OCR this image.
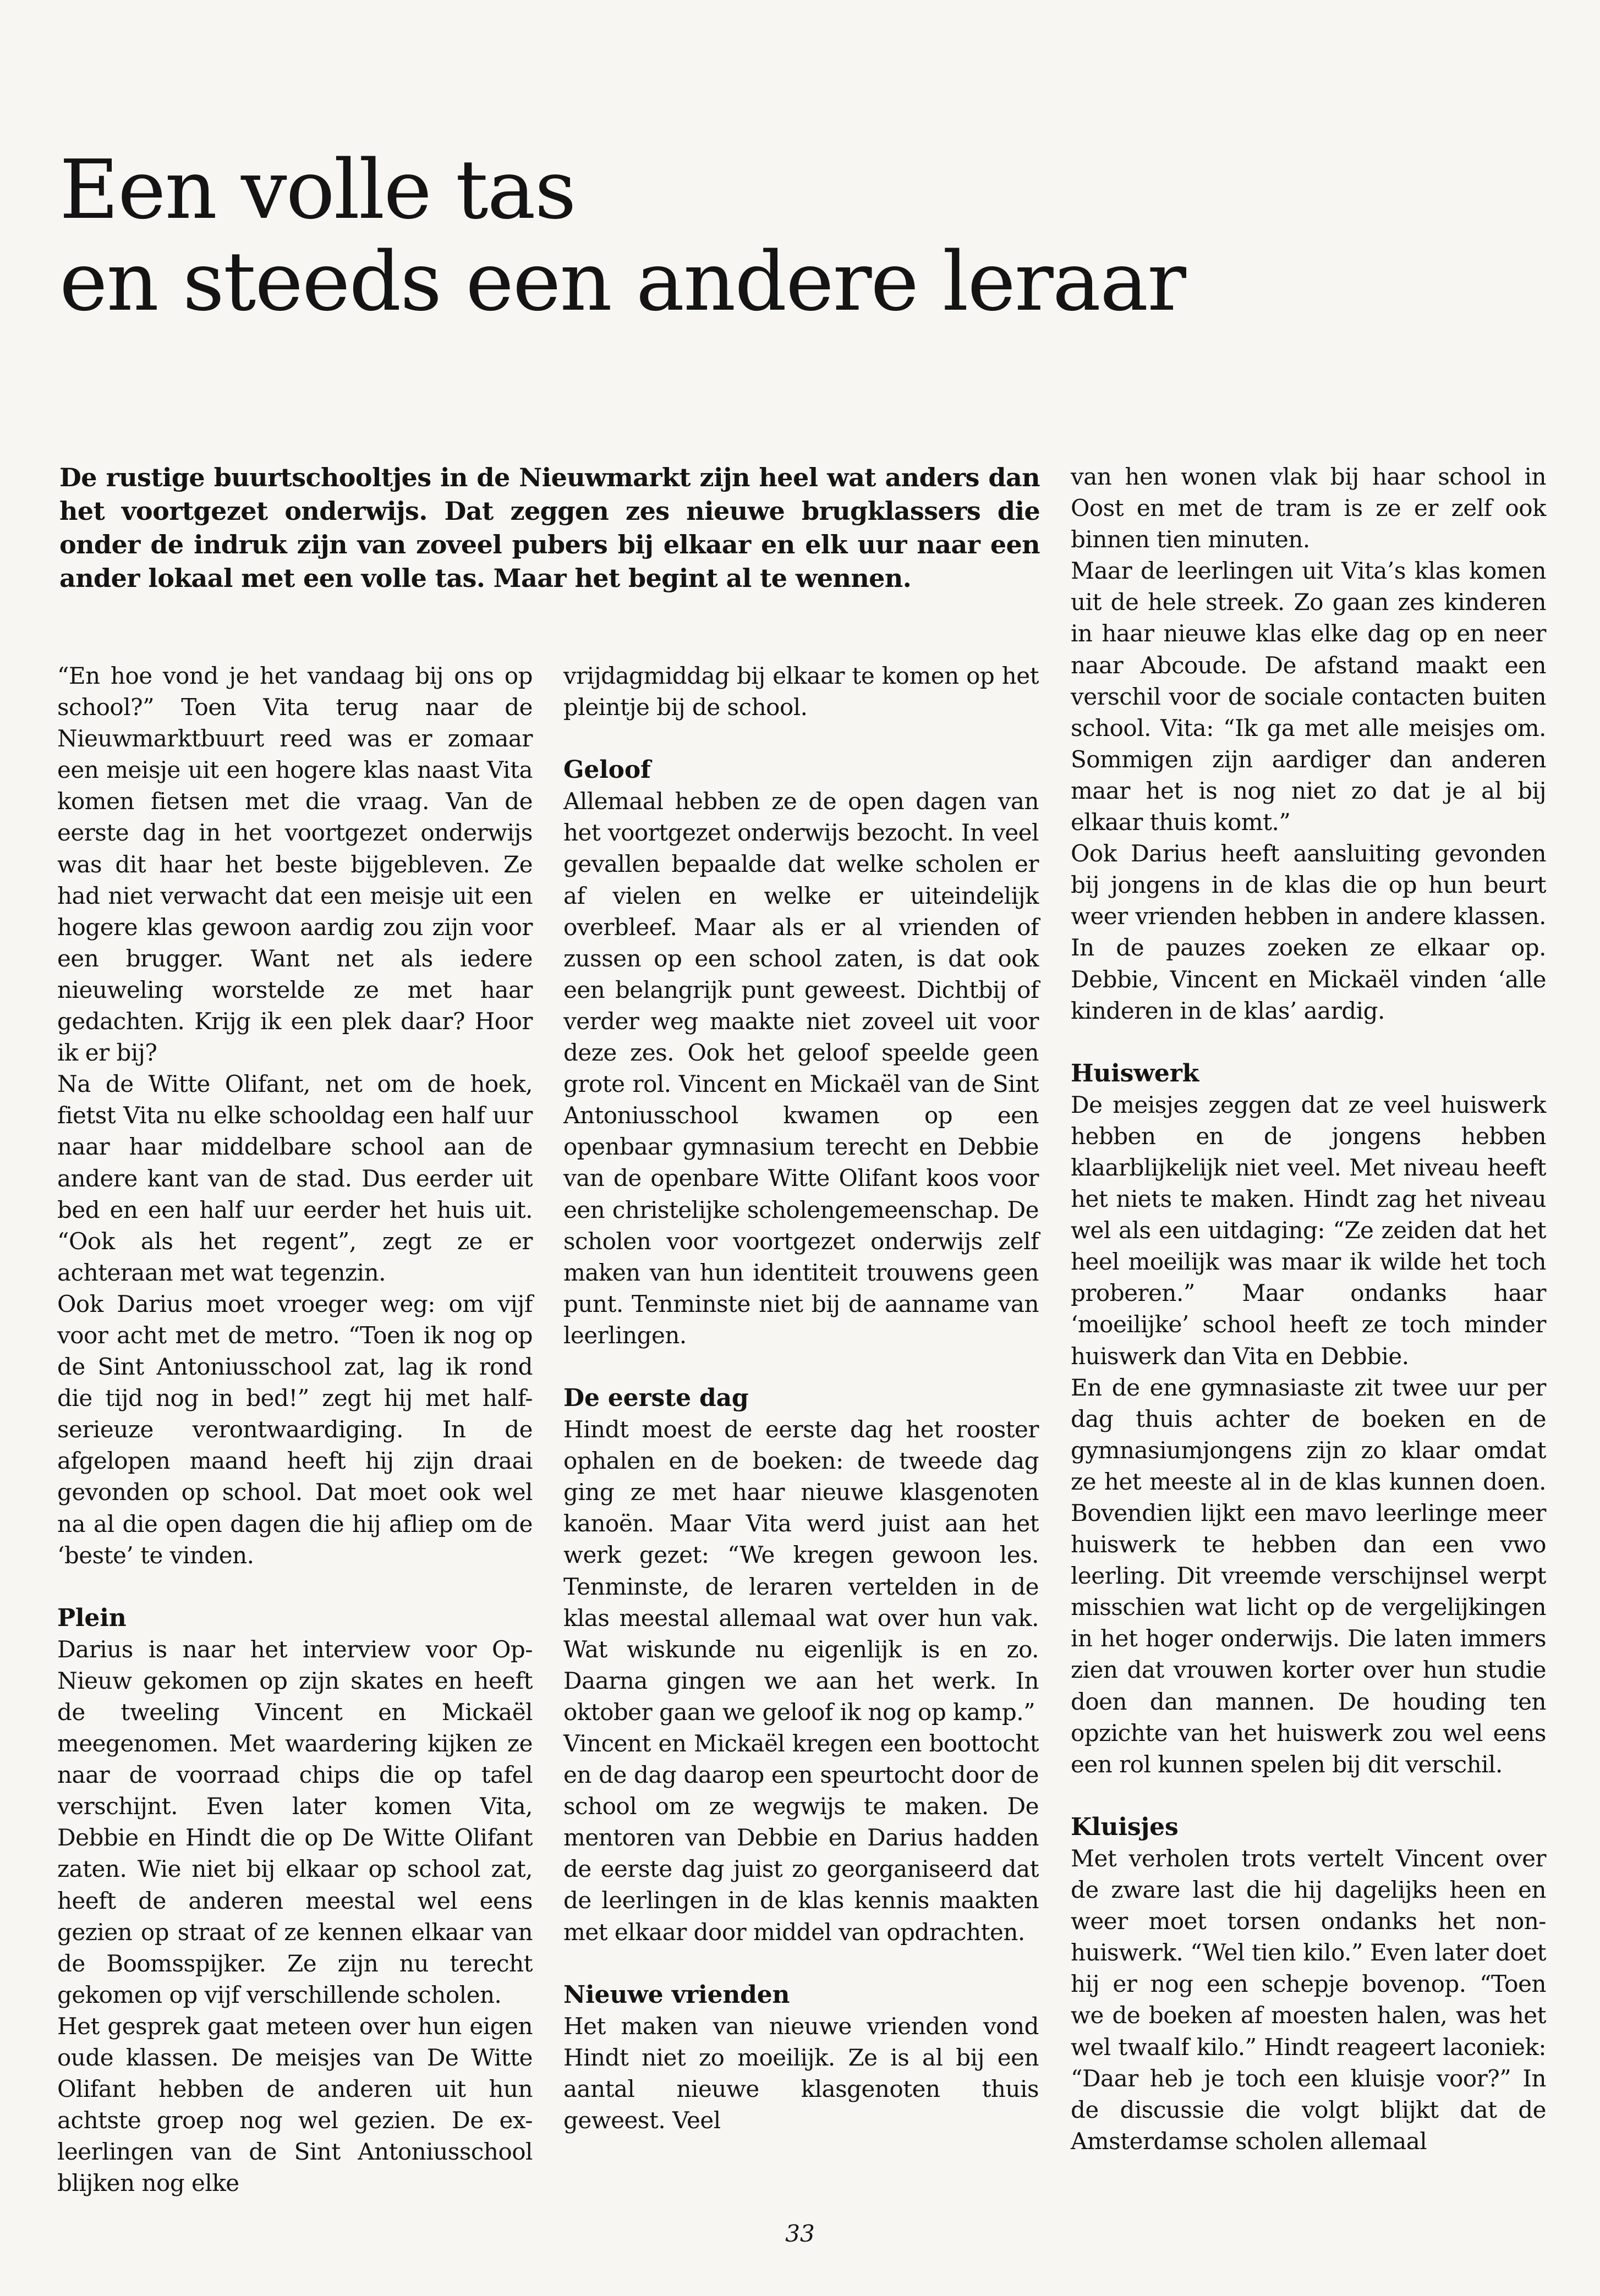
Een volle tas
en steeds een andere leraar

De rustige buurtschooltjes in de Nieuwmarkt zijn heel wat anders dan het voortgezet onderwijs. Dat zeggen zes nieuwe brugklassers die onder de indruk zijn van zoveel pubers bij elkaar en elk uur naar een ander lokaal met een volle tas. Maar het begint al te wennen.

“En hoe vond je het vandaag bij ons op school?” Toen Vita terug naar de Nieuwmarktbuurt reed was er zomaar een meisje uit een hogere klas naast Vita komen fietsen met die vraag. Van de eerste dag in het voortgezet onderwijs was dit haar het beste bijgebleven. Ze had niet verwacht dat een meisje uit een hogere klas gewoon aardig zou zijn voor een brugger. Want net als iedere nieuweling worstelde ze met haar gedachten. Krijg ik een plek daar? Hoor ik er bij?

Na de Witte Olifant, net om de hoek, fietst Vita nu elke schooldag een half uur naar haar middelbare school aan de andere kant van de stad. Dus eerder uit bed en een half uur eerder het huis uit. “Ook als het regent”, zegt ze er achteraan met wat tegenzin.

Ook Darius moet vroeger weg: om vijf voor acht met de metro. “Toen ik nog op de Sint Antoniusschool zat, lag ik rond die tijd nog in bed!” zegt hij met half-serieuze verontwaardiging. In de afgelopen maand heeft hij zijn draai gevonden op school. Dat moet ook wel na al die open dagen die hij afliep om de ‘beste’ te vinden.

Plein

Darius is naar het interview voor Op-Nieuw gekomen op zijn skates en heeft de tweeling Vincent en Mickaël meegenomen. Met waardering kijken ze naar de voorraad chips die op tafel verschijnt. Even later komen Vita, Debbie en Hindt die op De Witte Olifant zaten. Wie niet bij elkaar op school zat, heeft de anderen meestal wel eens gezien op straat of ze kennen elkaar van de Boomsspijker. Ze zijn nu terecht gekomen op vijf verschillende scholen.

Het gesprek gaat meteen over hun eigen oude klassen. De meisjes van De Witte Olifant hebben de anderen uit hun achtste groep nog wel gezien. De ex-leerlingen van de Sint Antoniusschool blijken nog elke

vrijdagmiddag bij elkaar te komen op het pleintje bij de school.

Geloof

Allemaal hebben ze de open dagen van het voortgezet onderwijs bezocht. In veel gevallen bepaalde dat welke scholen er af vielen en welke er uiteindelijk overbleef. Maar als er al vrienden of zussen op een school zaten, is dat ook een belangrijk punt geweest. Dichtbij of verder weg maakte niet zoveel uit voor deze zes. Ook het geloof speelde geen grote rol. Vincent en Mickaël van de Sint Antoniusschool kwamen op een openbaar gymnasium terecht en Debbie van de openbare Witte Olifant koos voor een christelijke scholengemeenschap. De scholen voor voortgezet onderwijs zelf maken van hun identiteit trouwens geen punt. Tenminste niet bij de aanname van leerlingen.

De eerste dag

Hindt moest de eerste dag het rooster ophalen en de boeken: de tweede dag ging ze met haar nieuwe klasgenoten kanoën. Maar Vita werd juist aan het werk gezet: “We kregen gewoon les. Tenminste, de leraren vertelden in de klas meestal allemaal wat over hun vak. Wat wiskunde nu eigenlijk is en zo. Daarna gingen we aan het werk. In oktober gaan we geloof ik nog op kamp.”

Vincent en Mickaël kregen een boottocht en de dag daarop een speurtocht door de school om ze wegwijs te maken. De mentoren van Debbie en Darius hadden de eerste dag juist zo georganiseerd dat de leerlingen in de klas kennis maakten met elkaar door middel van opdrachten.

Nieuwe vrienden

Het maken van nieuwe vrienden vond Hindt niet zo moeilijk. Ze is al bij een aantal nieuwe klasgenoten thuis geweest. Veel

van hen wonen vlak bij haar school in Oost en met de tram is ze er zelf ook binnen tien minuten.

Maar de leerlingen uit Vita’s klas komen uit de hele streek. Zo gaan zes kinderen in haar nieuwe klas elke dag op en neer naar Abcoude. De afstand maakt een verschil voor de sociale contacten buiten school. Vita: “Ik ga met alle meisjes om. Sommigen zijn aardiger dan anderen maar het is nog niet zo dat je al bij elkaar thuis komt.”

Ook Darius heeft aansluiting gevonden bij jongens in de klas die op hun beurt weer vrienden hebben in andere klassen. In de pauzes zoeken ze elkaar op. Debbie, Vincent en Mickaël vinden ‘alle kinderen in de klas’ aardig.

Huiswerk

De meisjes zeggen dat ze veel huiswerk hebben en de jongens hebben klaarblijkelijk niet veel. Met niveau heeft het niets te maken. Hindt zag het niveau wel als een uitdaging: “Ze zeiden dat het heel moeilijk was maar ik wilde het toch proberen.” Maar ondanks haar ‘moeilijke’ school heeft ze toch minder huiswerk dan Vita en Debbie.

En de ene gymnasiaste zit twee uur per dag thuis achter de boeken en de gymnasiumjongens zijn zo klaar omdat ze het meeste al in de klas kunnen doen. Bovendien lijkt een mavo leerlinge meer huiswerk te hebben dan een vwo leerling. Dit vreemde verschijnsel werpt misschien wat licht op de vergelijkingen in het hoger onderwijs. Die laten immers zien dat vrouwen korter over hun studie doen dan mannen. De houding ten opzichte van het huiswerk zou wel eens een rol kunnen spelen bij dit verschil.

Kluisjes

Met verholen trots vertelt Vincent over de zware last die hij dagelijks heen en weer moet torsen ondanks het non-huiswerk. “Wel tien kilo.” Even later doet hij er nog een schepje bovenop. “Toen we de boeken af moesten halen, was het wel twaalf kilo.” Hindt reageert laconiek: “Daar heb je toch een kluisje voor?” In de discussie die volgt blijkt dat de Amsterdamse scholen allemaal

33
